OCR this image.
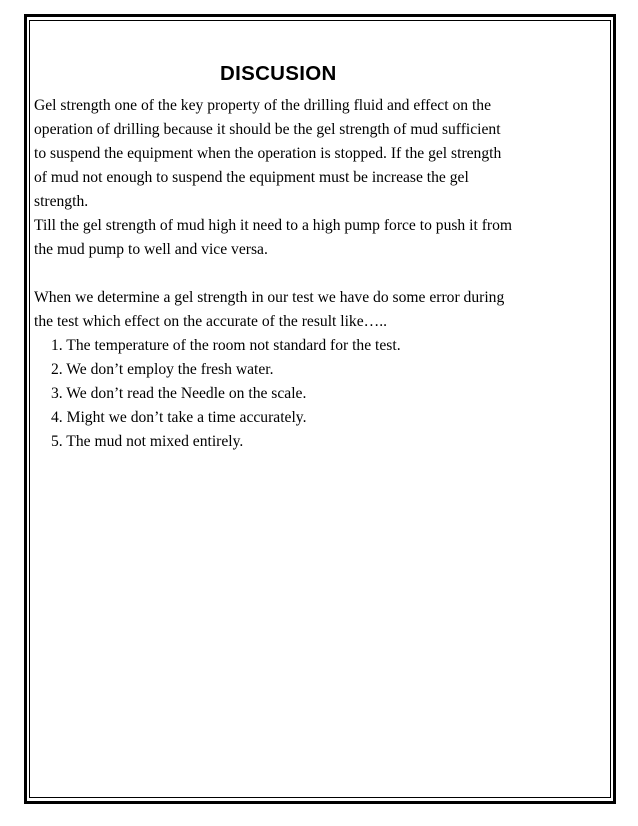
DISCUSION

Gel strength one of the key property of the drilling fluid and effect on the
operation of drilling because it should be the gel strength of mud sufficient
to suspend the equipment when the operation is stopped. If the gel strength
of mud not enough to suspend the equipment must be increase the gel
strength.
Till the gel strength of mud high it need to a high pump force to push it from
the mud pump to well and vice versa.

When we determine a gel strength in our test we have do some error during
the test which effect on the accurate of the result like…..

1. The temperature of the room not standard for the test.
2. We don’t employ the fresh water.
3. We don’t read the Needle on the scale.
4. Might we don’t take a time accurately.
5. The mud not mixed entirely.
